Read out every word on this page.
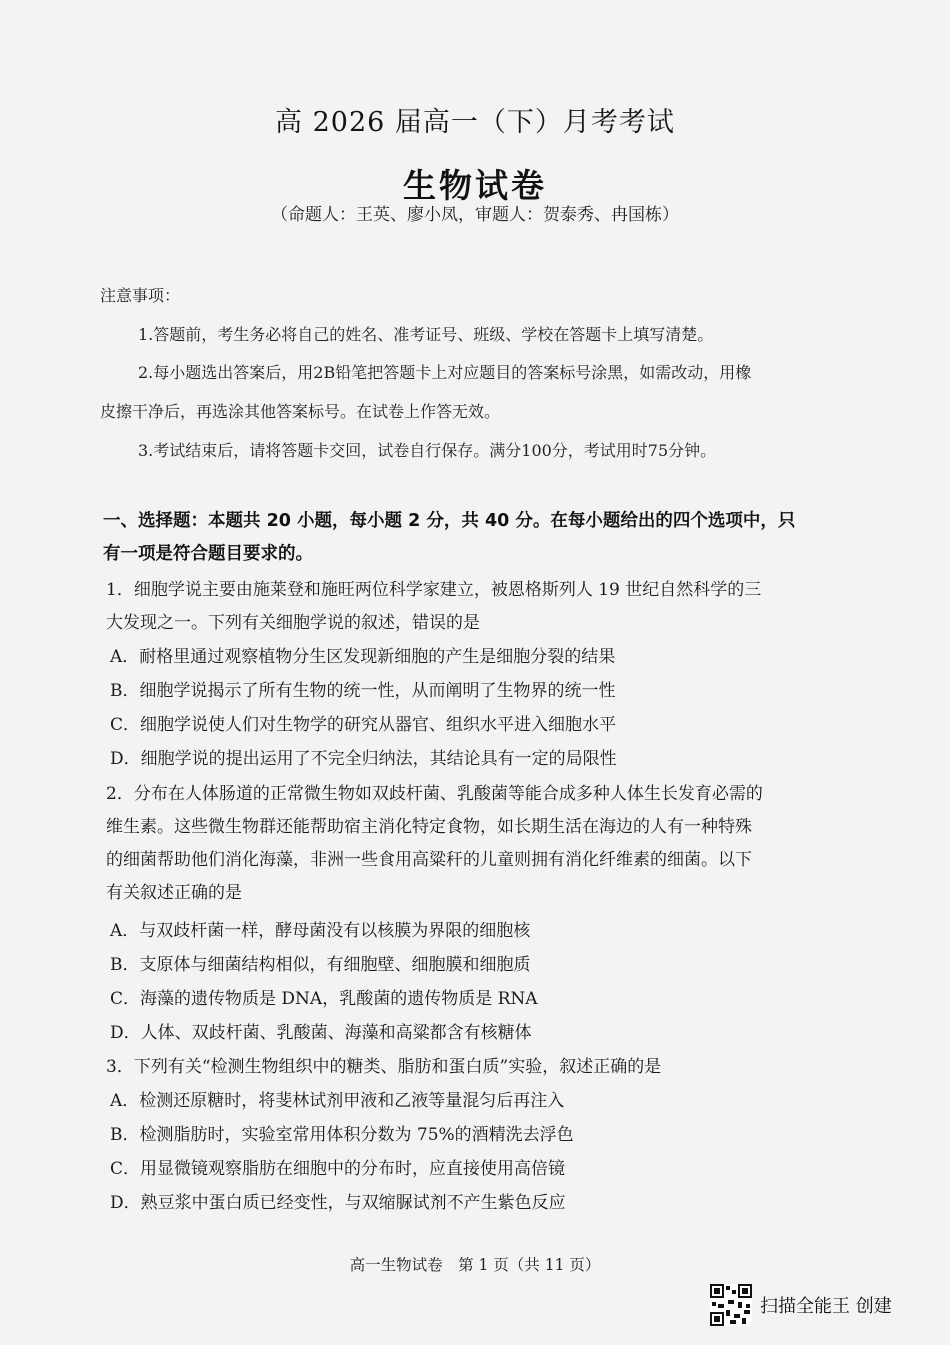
高 2026 届高一（下）月考考试
生物试卷
（命题人：王英、廖小凤，审题人：贺泰秀、冉国栋）
注意事项：
1.答题前，考生务必将自己的姓名、准考证号、班级、学校在答题卡上填写清楚。
2.每小题选出答案后，用2B铅笔把答题卡上对应题目的答案标号涂黑，如需改动，用橡
皮擦干净后，再选涂其他答案标号。在试卷上作答无效。
3.考试结束后，请将答题卡交回，试卷自行保存。满分100分，考试用时75分钟。
一、选择题：本题共 20 小题，每小题 2 分，共 40 分。在每小题给出的四个选项中，只
有一项是符合题目要求的。

1．细胞学说主要由施莱登和施旺两位科学家建立，被恩格斯列人 19 世纪自然科学的三

大发现之一。下列有关细胞学说的叙述，错误的是

A．耐格里通过观察植物分生区发现新细胞的产生是细胞分裂的结果
B．细胞学说揭示了所有生物的统一性，从而阐明了生物界的统一性
C．细胞学说使人们对生物学的研究从器官、组织水平进入细胞水平
D．细胞学说的提出运用了不完全归纳法，其结论具有一定的局限性

2．分布在人体肠道的正常微生物如双歧杆菌、乳酸菌等能合成多种人体生长发育必需的

维生素。这些微生物群还能帮助宿主消化特定食物，如长期生活在海边的人有一种特殊

的细菌帮助他们消化海藻，非洲一些食用高粱秆的儿童则拥有消化纤维素的细菌。以下

有关叙述正确的是

A．与双歧杆菌一样，酵母菌没有以核膜为界限的细胞核
B．支原体与细菌结构相似，有细胞壁、细胞膜和细胞质
C．海藻的遗传物质是 DNA，乳酸菌的遗传物质是 RNA
D．人体、双歧杆菌、乳酸菌、海藻和高粱都含有核糖体

3．下列有关“检测生物组织中的糖类、脂肪和蛋白质”实验，叙述正确的是

A．检测还原糖时，将斐林试剂甲液和乙液等量混匀后再注入
B．检测脂肪时，实验室常用体积分数为 75%的酒精洗去浮色
C．用显微镜观察脂肪在细胞中的分布时，应直接使用高倍镜
D．熟豆浆中蛋白质已经变性，与双缩脲试剂不产生紫色反应
高一生物试卷　第 1 页（共 11 页）
扫描全能王 创建
